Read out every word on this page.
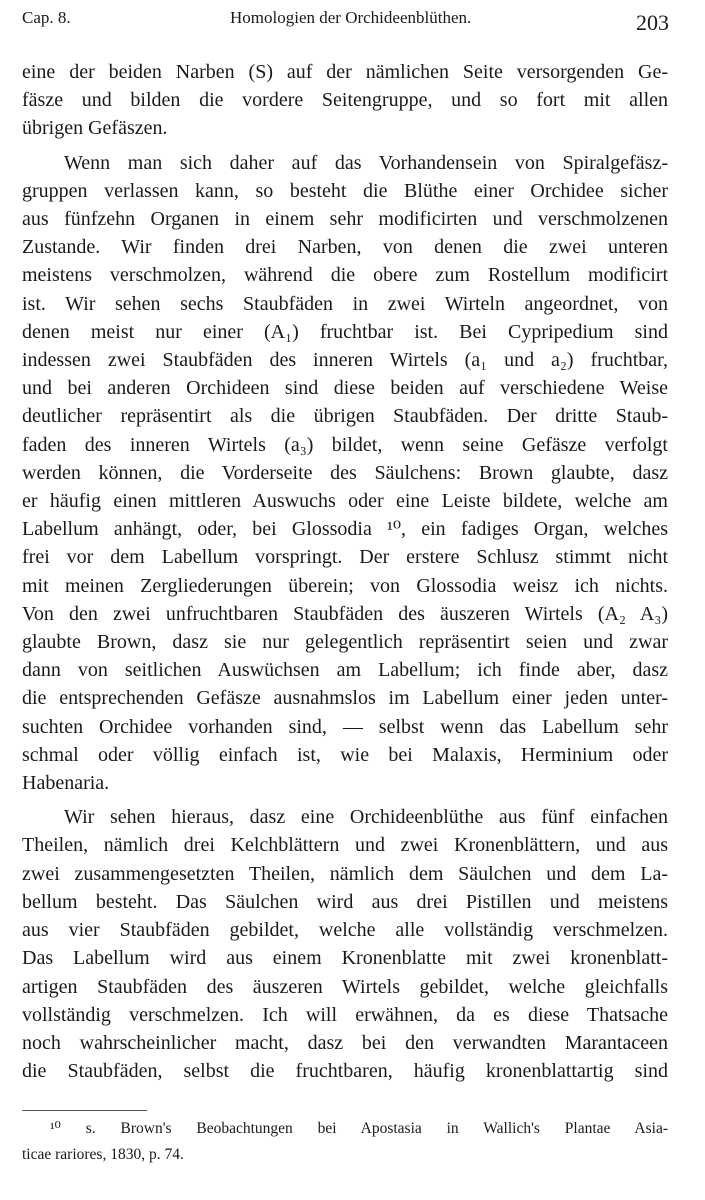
Cap. 8.	Homologien der Orchideenblüthen.	203
eine der beiden Narben (S) auf der nämlichen Seite versorgenden Ge-
fäsze und bilden die vordere Seitengruppe, und so fort mit allen
übrigen Gefäszen.
Wenn man sich daher auf das Vorhandensein von Spiralgefäsz-
gruppen verlassen kann, so besteht die Blüthe einer Orchidee sicher
aus fünfzehn Organen in einem sehr modificirten und verschmolzenen
Zustande. Wir finden drei Narben, von denen die zwei unteren
meistens verschmolzen, während die obere zum Rostellum modificirt
ist. Wir sehen sechs Staubfäden in zwei Wirteln angeordnet, von
denen meist nur einer (A₁) fruchtbar ist. Bei Cypripedium sind
indessen zwei Staubfäden des inneren Wirtels (a₁ und a₂) fruchtbar,
und bei anderen Orchideen sind diese beiden auf verschiedene Weise
deutlicher repräsentirt als die übrigen Staubfäden. Der dritte Staub-
faden des inneren Wirtels (a₃) bildet, wenn seine Gefäsze verfolgt
werden können, die Vorderseite des Säulchens: Brown glaubte, dasz
er häufig einen mittleren Auswuchs oder eine Leiste bildete, welche am
Labellum anhängt, oder, bei Glossodia ¹⁰, ein fadiges Organ, welches
frei vor dem Labellum vorspringt. Der erstere Schlusz stimmt nicht
mit meinen Zergliederungen überein; von Glossodia weisz ich nichts.
Von den zwei unfruchtbaren Staubfäden des äuszeren Wirtels (A₂ A₃)
glaubte Brown, dasz sie nur gelegentlich repräsentirt seien und zwar
dann von seitlichen Auswüchsen am Labellum; ich finde aber, dasz
die entsprechenden Gefäsze ausnahmslos im Labellum einer jeden unter-
suchten Orchidee vorhanden sind, — selbst wenn das Labellum sehr
schmal oder völlig einfach ist, wie bei Malaxis, Herminium oder
Habenaria.
Wir sehen hieraus, dasz eine Orchideenblüthe aus fünf einfachen
Theilen, nämlich drei Kelchblättern und zwei Kronenblättern, und aus
zwei zusammengesetzten Theilen, nämlich dem Säulchen und dem La-
bellum besteht. Das Säulchen wird aus drei Pistillen und meistens
aus vier Staubfäden gebildet, welche alle vollständig verschmelzen.
Das Labellum wird aus einem Kronenblatte mit zwei kronenblatt-
artigen Staubfäden des äuszeren Wirtels gebildet, welche gleichfalls
vollständig verschmelzen. Ich will erwähnen, da es diese Thatsache
noch wahrscheinlicher macht, dasz bei den verwandten Marantaceen
die Staubfäden, selbst die fruchtbaren, häufig kronenblattartig sind
¹⁰ s. Brown's Beobachtungen bei Apostasia in Wallich's Plantae Asia-
ticae rariores, 1830, p. 74.
